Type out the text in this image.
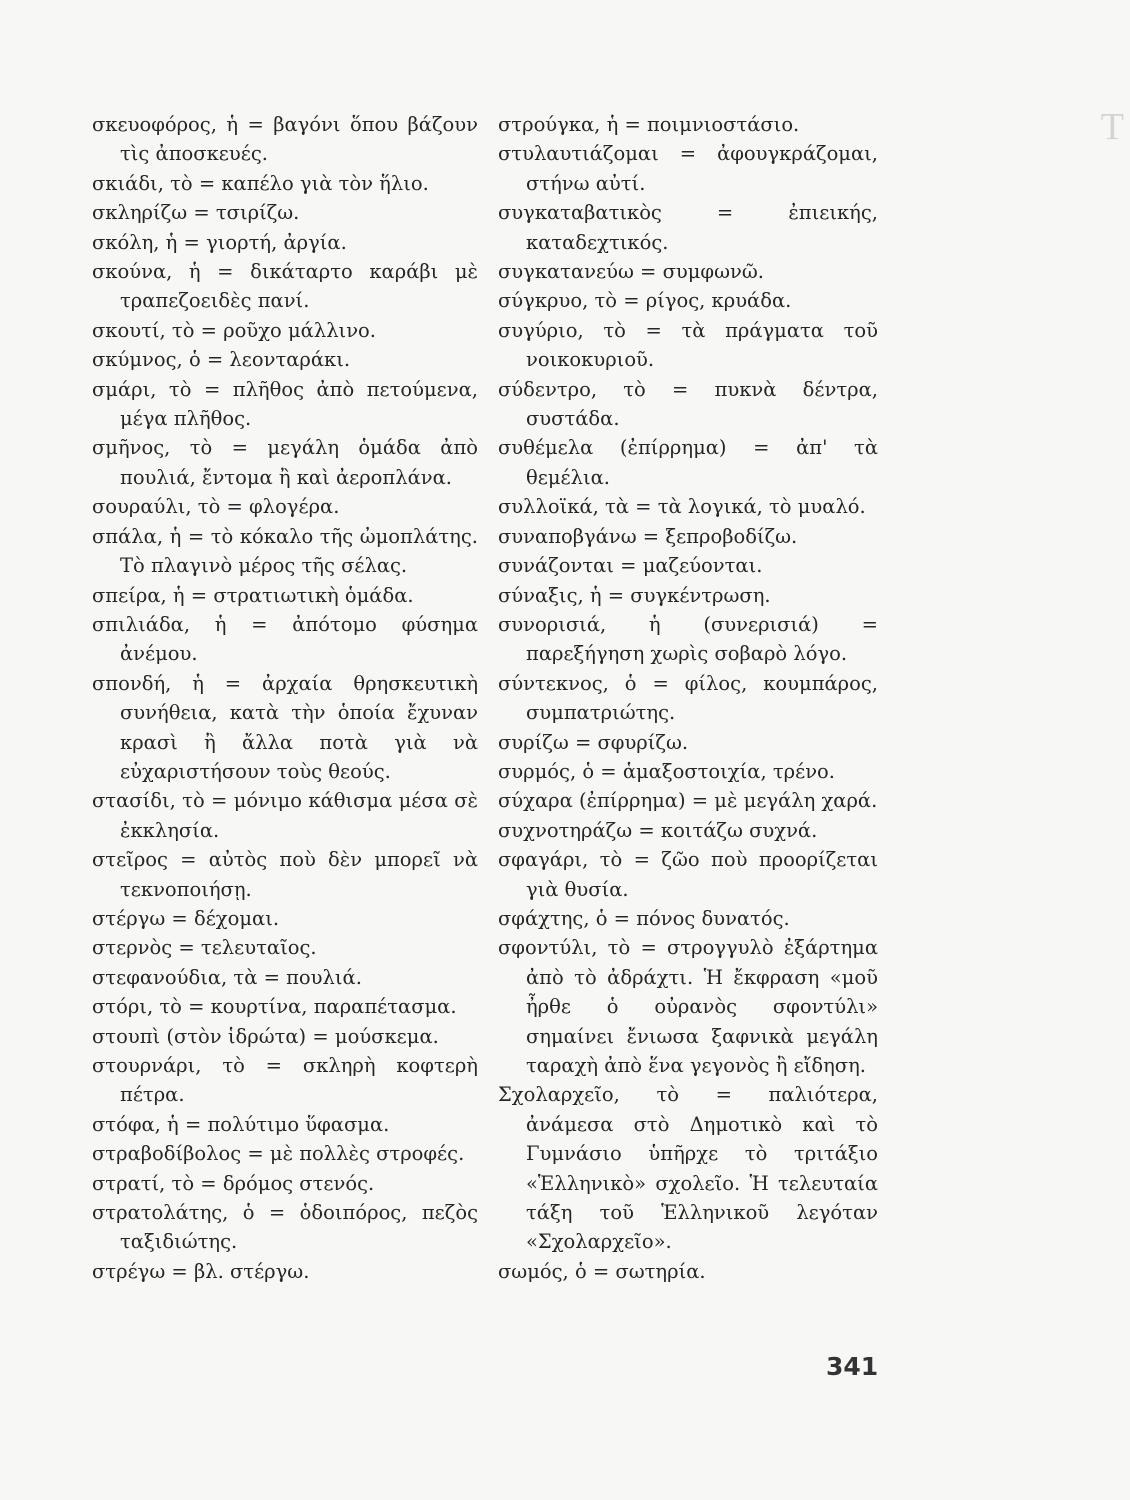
Τ

σκευοφόρος, ἡ = βαγόνι ὅπου βάζουν τὶς ἀποσκευές.

σκιάδι, τὸ = καπέλο γιὰ τὸν ἥλιο.

σκληρίζω = τσιρίζω.

σκόλη, ἡ = γιορτή, ἀργία.

σκούνα, ἡ = δικάταρτο καράβι μὲ τραπεζοειδὲς πανί.

σκουτί, τὸ = ροῦχο μάλλινο.

σκύμνος, ὁ = λεονταράκι.

σμάρι, τὸ = πλῆθος ἀπὸ πετούμενα, μέγα πλῆθος.

σμῆνος, τὸ = μεγάλη ὁμάδα ἀπὸ πουλιά, ἔντομα ἢ καὶ ἀεροπλάνα.

σουραύλι, τὸ = φλογέρα.

σπάλα, ἡ = τὸ κόκαλο τῆς ὠμοπλάτης. Τὸ πλαγινὸ μέρος τῆς σέλας.

σπείρα, ἡ = στρατιωτικὴ ὁμάδα.

σπιλιάδα, ἡ = ἀπότομο φύσημα ἀνέμου.

σπονδή, ἡ = ἀρχαία θρησκευτικὴ συνήθεια, κατὰ τὴν ὁποία ἔχυναν κρασὶ ἢ ἄλλα ποτὰ γιὰ νὰ εὐχαριστήσουν τοὺς θεούς.

στασίδι, τὸ = μόνιμο κάθισμα μέσα σὲ ἐκκλησία.

στεῖρος = αὐτὸς ποὺ δὲν μπορεῖ νὰ τεκνοποιήσῃ.

στέργω = δέχομαι.

στερνὸς = τελευταῖος.

στεφανούδια, τὰ = πουλιά.

στόρι, τὸ = κουρτίνα, παραπέτασμα.

στουπὶ (στὸν ἱδρώτα) = μούσκεμα.

στουρνάρι, τὸ = σκληρὴ κοφτερὴ πέτρα.

στόφα, ἡ = πολύτιμο ὕφασμα.

στραβοδίβολος = μὲ πολλὲς στροφές.

στρατί, τὸ = δρόμος στενός.

στρατολάτης, ὁ = ὁδοιπόρος, πεζὸς ταξιδιώτης.

στρέγω = βλ. στέργω.

στρούγκα, ἡ = ποιμνιοστάσιο.

στυλαυτιάζομαι = ἀφουγκράζομαι, στήνω αὐτί.

συγκαταβατικὸς = ἐπιεικής, καταδεχτικός.

συγκατανεύω = συμφωνῶ.

σύγκρυο, τὸ = ρίγος, κρυάδα.

συγύριο, τὸ = τὰ πράγματα τοῦ νοικοκυριοῦ.

σύδεντρο, τὸ = πυκνὰ δέντρα, συστάδα.

συθέμελα (ἐπίρρημα) = ἀπ' τὰ θεμέλια.

συλλοϊκά, τὰ = τὰ λογικά, τὸ μυαλό.

συναποβγάνω = ξεπροβοδίζω.

συνάζονται = μαζεύονται.

σύναξις, ἡ = συγκέντρωση.

συνορισιά, ἡ (συνερισιά) = παρεξήγηση χωρὶς σοβαρὸ λόγο.

σύντεκνος, ὁ = φίλος, κουμπάρος, συμπατριώτης.

συρίζω = σφυρίζω.

συρμός, ὁ = ἁμαξοστοιχία, τρένο.

σύχαρα (ἐπίρρημα) = μὲ μεγάλη χαρά.

συχνοτηράζω = κοιτάζω συχνά.

σφαγάρι, τὸ = ζῶο ποὺ προορίζεται γιὰ θυσία.

σφάχτης, ὁ = πόνος δυνατός.

σφοντύλι, τὸ = στρογγυλὸ ἐξάρτημα ἀπὸ τὸ ἀδράχτι. Ἡ ἔκφραση «μοῦ ἦρθε ὁ οὐρανὸς σφοντύλι» σημαίνει ἔνιωσα ξαφνικὰ μεγάλη ταραχὴ ἀπὸ ἕνα γεγονὸς ἢ εἴδηση.

Σχολαρχεῖο, τὸ = παλιότερα, ἀνάμεσα στὸ Δημοτικὸ καὶ τὸ Γυμνάσιο ὑπῆρχε τὸ τριτάξιο «Ἑλληνικὸ» σχολεῖο. Ἡ τελευταία τάξη τοῦ Ἑλληνικοῦ λεγόταν «Σχολαρχεῖο».

σωμός, ὁ = σωτηρία.

341
